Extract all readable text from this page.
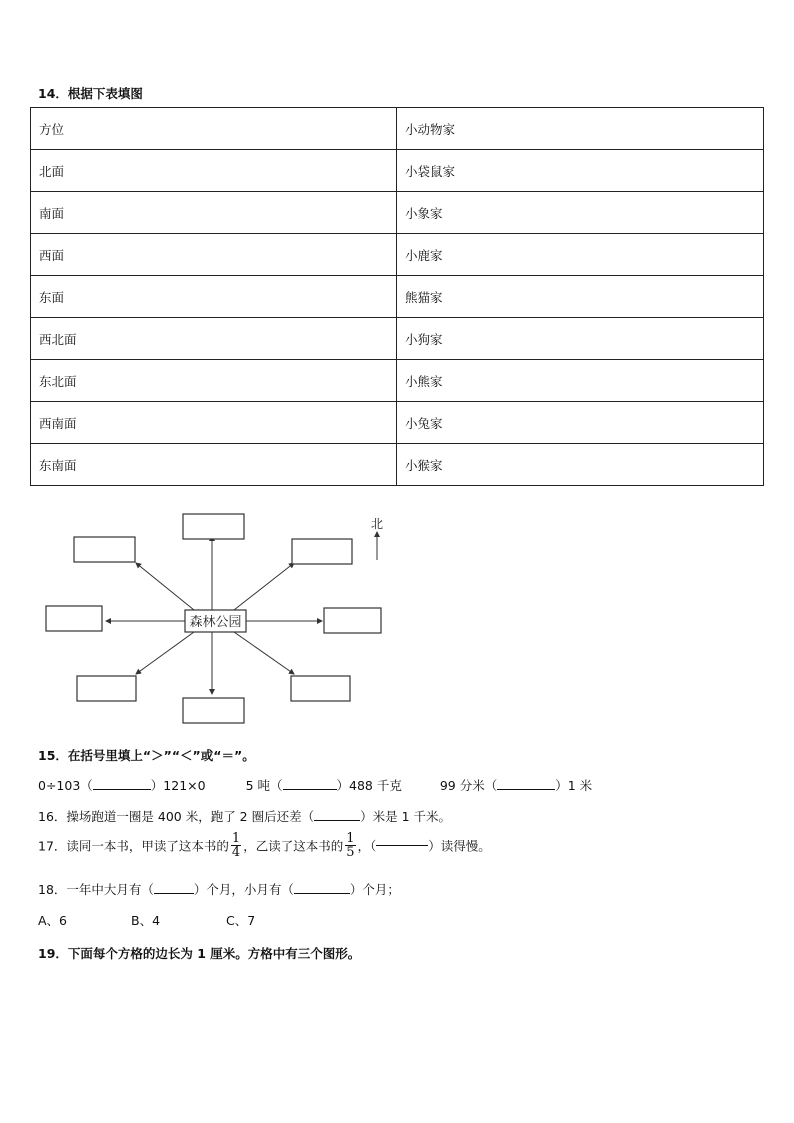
14．根据下表填图
方位	小动物家
北面	小袋鼠家
南面	小象家
西面	小鹿家
东面	熊猫家
西北面	小狗家
东北面	小熊家
西南面	小兔家
东南面	小猴家
森林公园
北
15．在括号里填上“＞”“＜”或“＝”。
0÷103（	）121×0	5 吨（	）488 千克	99 分米（	）1 米
16．操场跑道一圈是 400 米，跑了 2 圈后还差（	）米是 1 千米。
17．读同一本书，甲读了这本书的 $\frac{1}{4}$ ，乙读了这本书的 $\frac{1}{5}$ ，（	）读得慢。
18．一年中大月有（	）个月，小月有（	）个月；
A、6	B、4	C、7
19．下面每个方格的边长为 1 厘米。方格中有三个图形。
